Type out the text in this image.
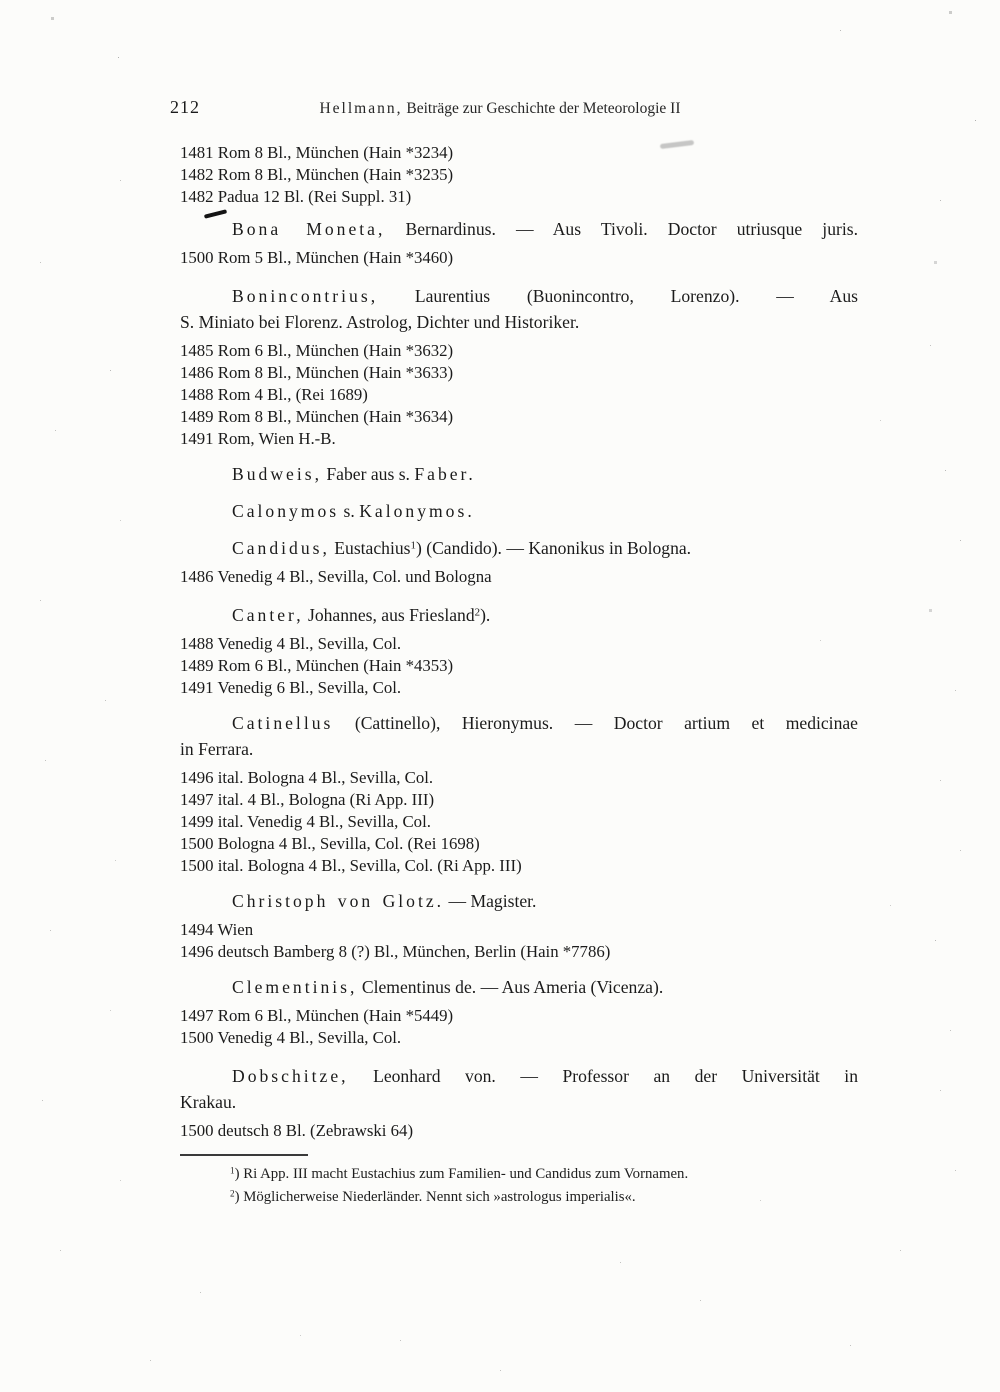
212	Hellmann, Beiträge zur Geschichte der Meteorologie II
1481 Rom 8 Bl., München (Hain *3234)
1482 Rom 8 Bl., München (Hain *3235)
1482 Padua 12 Bl. (Rei Suppl. 31)
Bona Moneta, Bernardinus. — Aus Tivoli. Doctor utriusque juris.
1500 Rom 5 Bl., München (Hain *3460)
Bonincontrius, Laurentius (Buonincontro, Lorenzo). — Aus
S. Miniato bei Florenz. Astrolog, Dichter und Historiker.
1485 Rom 6 Bl., München (Hain *3632)
1486 Rom 8 Bl., München (Hain *3633)
1488 Rom 4 Bl., (Rei 1689)
1489 Rom 8 Bl., München (Hain *3634)
1491 Rom, Wien H.-B.
Budweis, Faber aus s. Faber.
Calonymos s. Kalonymos.
Candidus, Eustachius$^1$) (Candido). — Kanonikus in Bologna.
1486 Venedig 4 Bl., Sevilla, Col. und Bologna
Canter, Johannes, aus Friesland$^2$).
1488 Venedig 4 Bl., Sevilla, Col.
1489 Rom 6 Bl., München (Hain *4353)
1491 Venedig 6 Bl., Sevilla, Col.
Catinellus (Cattinello), Hieronymus. — Doctor artium et medicinae
in Ferrara.
1496 ital. Bologna 4 Bl., Sevilla, Col.
1497 ital. 4 Bl., Bologna (Ri App. III)
1499 ital. Venedig 4 Bl., Sevilla, Col.
1500 Bologna 4 Bl., Sevilla, Col. (Rei 1698)
1500 ital. Bologna 4 Bl., Sevilla, Col. (Ri App. III)
Christoph von Glotz. — Magister.
1494 Wien
1496 deutsch Bamberg 8 (?) Bl., München, Berlin (Hain *7786)
Clementinis, Clementinus de. — Aus Ameria (Vicenza).
1497 Rom 6 Bl., München (Hain *5449)
1500 Venedig 4 Bl., Sevilla, Col.
Dobschitze, Leonhard von. — Professor an der Universität in
Krakau.
1500 deutsch 8 Bl. (Zebrawski 64)
$^1$) Ri App. III macht Eustachius zum Familien- und Candidus zum Vornamen.
$^2$) Möglicherweise Niederländer. Nennt sich »astrologus imperialis«.
